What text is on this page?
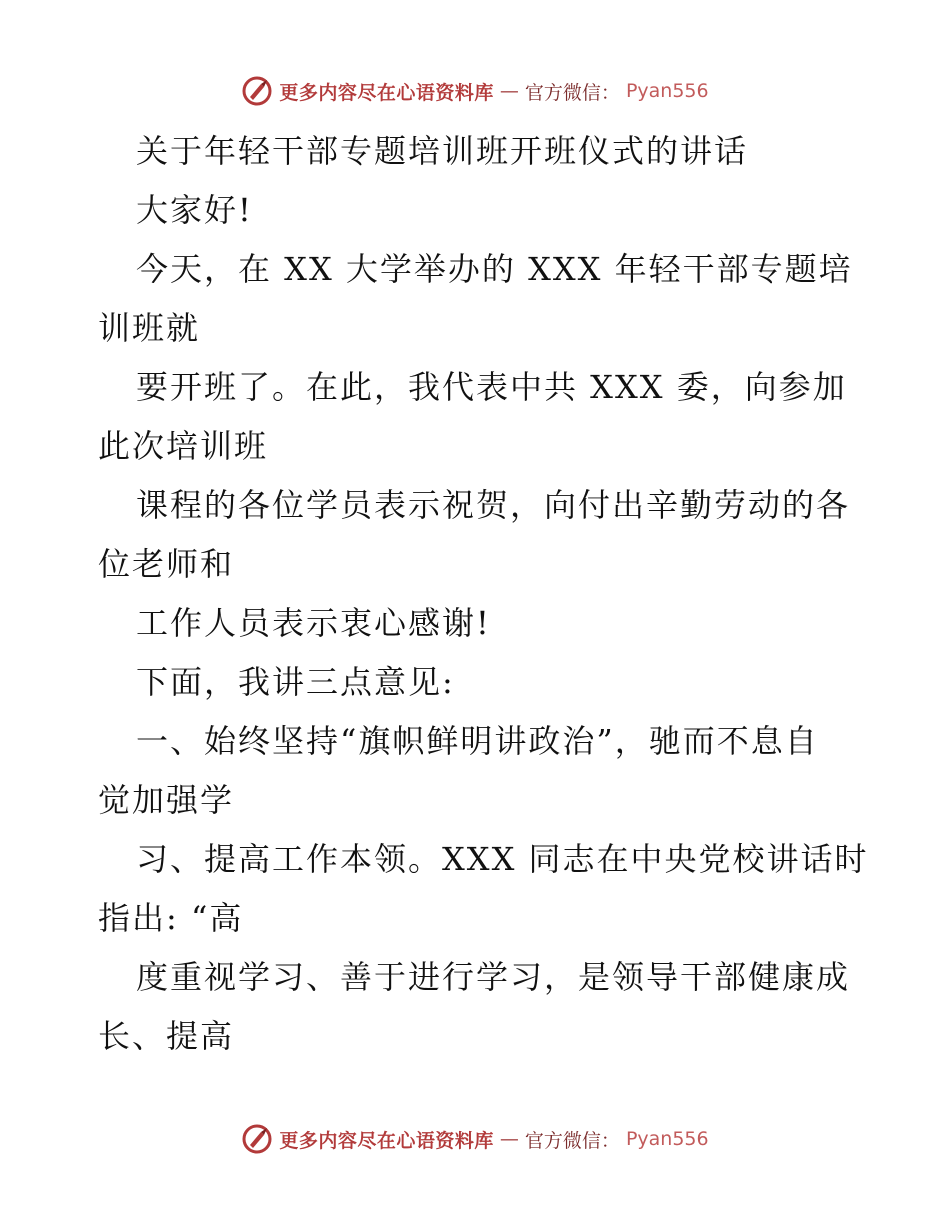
更多内容尽在心语资料库 — 官方微信： Pyan556
关于年轻干部专题培训班开班仪式的讲话
大家好!
今天，在 XX 大学举办的 XXX 年轻干部专题培
训班就
要开班了。在此，我代表中共 XXX 委，向参加
此次培训班
课程的各位学员表示祝贺，向付出辛勤劳动的各
位老师和
工作人员表示衷心感谢!
下面，我讲三点意见:
一、始终坚持“旗帜鲜明讲政治”，驰而不息自
觉加强学
习、提高工作本领。XXX 同志在中央党校讲话时
指出: “高
度重视学习、善于进行学习，是领导干部健康成
长、提高
更多内容尽在心语资料库 — 官方微信： Pyan556
